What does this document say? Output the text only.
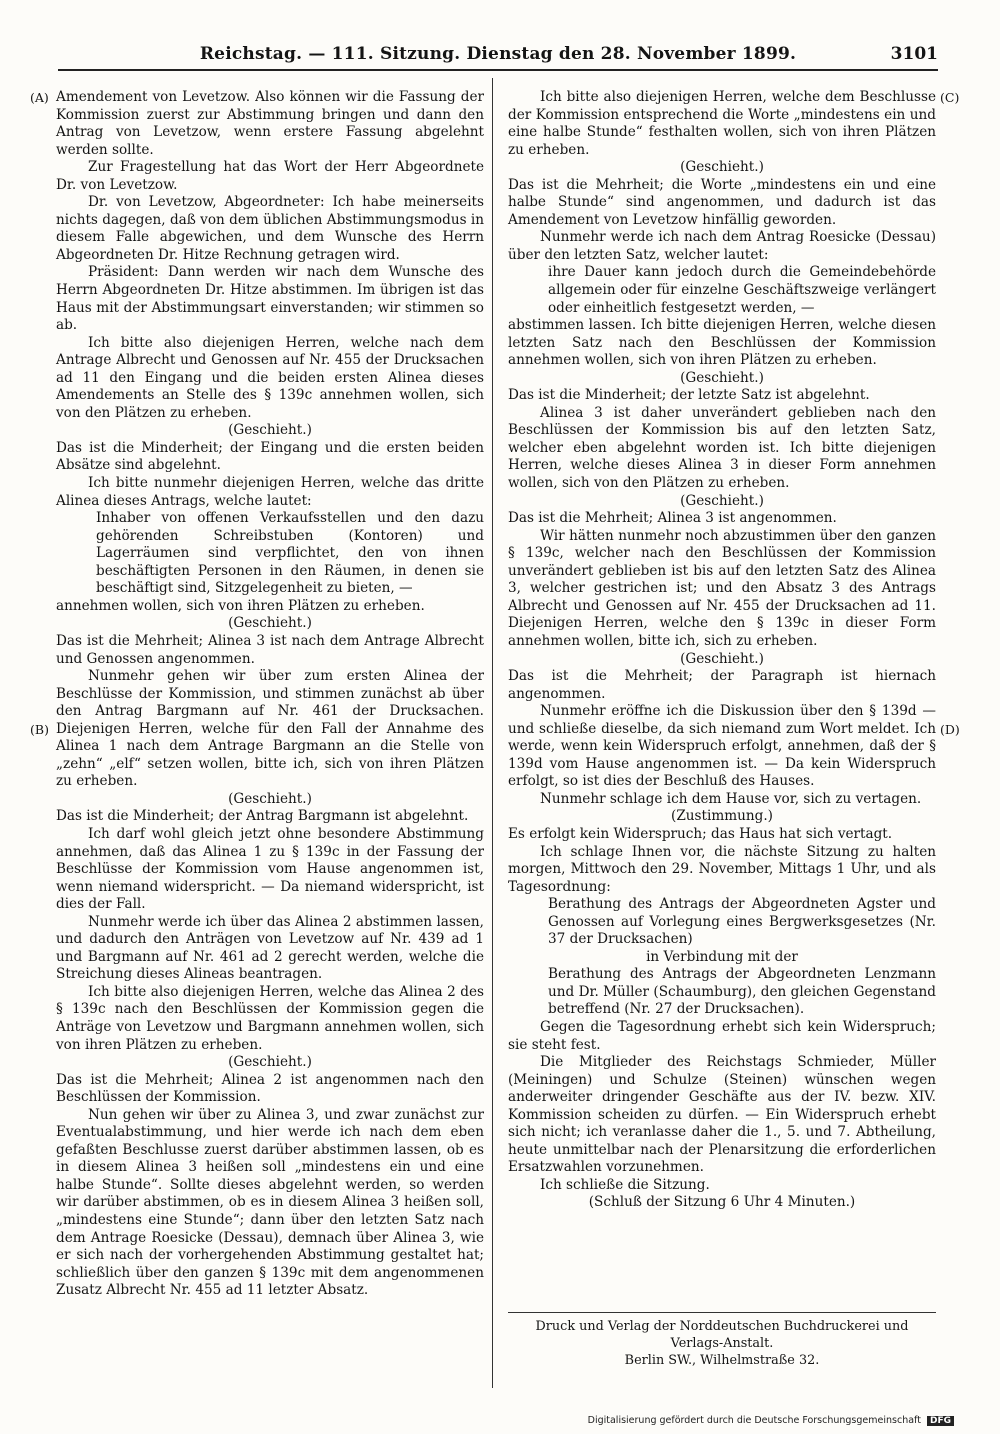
Reichstag. — 111. Sitzung. Dienstag den 28. November 1899.	3101
(A)
(B)
(C)
(D)

Amendement von Levetzow. Also können wir die Fassung der Kommission zuerst zur Abstimmung bringen und dann den Antrag von Levetzow, wenn erstere Fassung abgelehnt werden sollte.

Zur Fragestellung hat das Wort der Herr Abgeordnete Dr. von Levetzow.

Dr. von Levetzow, Abgeordneter: Ich habe meinerseits nichts dagegen, daß von dem üblichen Abstimmungsmodus in diesem Falle abgewichen, und dem Wunsche des Herrn Abgeordneten Dr. Hitze Rechnung getragen wird.

Präsident: Dann werden wir nach dem Wunsche des Herrn Abgeordneten Dr. Hitze abstimmen. Im übrigen ist das Haus mit der Abstimmungsart einverstanden; wir stimmen so ab.

Ich bitte also diejenigen Herren, welche nach dem Antrage Albrecht und Genossen auf Nr. 455 der Drucksachen ad 11 den Eingang und die beiden ersten Alinea dieses Amendements an Stelle des § 139c annehmen wollen, sich von den Plätzen zu erheben.

(Geschieht.)

Das ist die Minderheit; der Eingang und die ersten beiden Absätze sind abgelehnt.

Ich bitte nunmehr diejenigen Herren, welche das dritte Alinea dieses Antrags, welche lautet:

Inhaber von offenen Verkaufsstellen und den dazu gehörenden Schreibstuben (Kontoren) und Lagerräumen sind verpflichtet, den von ihnen beschäftigten Personen in den Räumen, in denen sie beschäftigt sind, Sitzgelegenheit zu bieten, —

annehmen wollen, sich von ihren Plätzen zu erheben.

(Geschieht.)

Das ist die Mehrheit; Alinea 3 ist nach dem Antrage Albrecht und Genossen angenommen.

Nunmehr gehen wir über zum ersten Alinea der Beschlüsse der Kommission, und stimmen zunächst ab über den Antrag Bargmann auf Nr. 461 der Drucksachen. Diejenigen Herren, welche für den Fall der Annahme des Alinea 1 nach dem Antrage Bargmann an die Stelle von „zehn“ „elf“ setzen wollen, bitte ich, sich von ihren Plätzen zu erheben.

(Geschieht.)

Das ist die Minderheit; der Antrag Bargmann ist abgelehnt.

Ich darf wohl gleich jetzt ohne besondere Abstimmung annehmen, daß das Alinea 1 zu § 139c in der Fassung der Beschlüsse der Kommission vom Hause angenommen ist, wenn niemand widerspricht. — Da niemand widerspricht, ist dies der Fall.

Nunmehr werde ich über das Alinea 2 abstimmen lassen, und dadurch den Anträgen von Levetzow auf Nr. 439 ad 1 und Bargmann auf Nr. 461 ad 2 gerecht werden, welche die Streichung dieses Alineas beantragen.

Ich bitte also diejenigen Herren, welche das Alinea 2 des § 139c nach den Beschlüssen der Kommission gegen die Anträge von Levetzow und Bargmann annehmen wollen, sich von ihren Plätzen zu erheben.

(Geschieht.)

Das ist die Mehrheit; Alinea 2 ist angenommen nach den Beschlüssen der Kommission.

Nun gehen wir über zu Alinea 3, und zwar zunächst zur Eventualabstimmung, und hier werde ich nach dem eben gefaßten Beschlusse zuerst darüber abstimmen lassen, ob es in diesem Alinea 3 heißen soll „mindestens ein und eine halbe Stunde“. Sollte dieses abgelehnt werden, so werden wir darüber abstimmen, ob es in diesem Alinea 3 heißen soll, „mindestens eine Stunde“; dann über den letzten Satz nach dem Antrage Roesicke (Dessau), demnach über Alinea 3, wie er sich nach der vorhergehenden Abstimmung gestaltet hat; schließlich über den ganzen § 139c mit dem angenommenen Zusatz Albrecht Nr. 455 ad 11 letzter Absatz.

Ich bitte also diejenigen Herren, welche dem Beschlusse der Kommission entsprechend die Worte „mindestens ein und eine halbe Stunde“ festhalten wollen, sich von ihren Plätzen zu erheben.

(Geschieht.)

Das ist die Mehrheit; die Worte „mindestens ein und eine halbe Stunde“ sind angenommen, und dadurch ist das Amendement von Levetzow hinfällig geworden.

Nunmehr werde ich nach dem Antrag Roesicke (Dessau) über den letzten Satz, welcher lautet:

ihre Dauer kann jedoch durch die Gemeindebehörde allgemein oder für einzelne Geschäftszweige verlängert oder einheitlich festgesetzt werden, —

abstimmen lassen. Ich bitte diejenigen Herren, welche diesen letzten Satz nach den Beschlüssen der Kommission annehmen wollen, sich von ihren Plätzen zu erheben.

(Geschieht.)

Das ist die Minderheit; der letzte Satz ist abgelehnt.

Alinea 3 ist daher unverändert geblieben nach den Beschlüssen der Kommission bis auf den letzten Satz, welcher eben abgelehnt worden ist. Ich bitte diejenigen Herren, welche dieses Alinea 3 in dieser Form annehmen wollen, sich von den Plätzen zu erheben.

(Geschieht.)

Das ist die Mehrheit; Alinea 3 ist angenommen.

Wir hätten nunmehr noch abzustimmen über den ganzen § 139c, welcher nach den Beschlüssen der Kommission unverändert geblieben ist bis auf den letzten Satz des Alinea 3, welcher gestrichen ist; und den Absatz 3 des Antrags Albrecht und Genossen auf Nr. 455 der Drucksachen ad 11. Diejenigen Herren, welche den § 139c in dieser Form annehmen wollen, bitte ich, sich zu erheben.

(Geschieht.)

Das ist die Mehrheit; der Paragraph ist hiernach angenommen.

Nunmehr eröffne ich die Diskussion über den § 139d — und schließe dieselbe, da sich niemand zum Wort meldet. Ich werde, wenn kein Widerspruch erfolgt, annehmen, daß der § 139d vom Hause angenommen ist. — Da kein Widerspruch erfolgt, so ist dies der Beschluß des Hauses.

Nunmehr schlage ich dem Hause vor, sich zu vertagen.

(Zustimmung.)

Es erfolgt kein Widerspruch; das Haus hat sich vertagt.

Ich schlage Ihnen vor, die nächste Sitzung zu halten morgen, Mittwoch den 29. November, Mittags 1 Uhr, und als Tagesordnung:

Berathung des Antrags der Abgeordneten Agster und Genossen auf Vorlegung eines Bergwerksgesetzes (Nr. 37 der Drucksachen)

in Verbindung mit der

Berathung des Antrags der Abgeordneten Lenzmann und Dr. Müller (Schaumburg), den gleichen Gegenstand betreffend (Nr. 27 der Drucksachen).

Gegen die Tagesordnung erhebt sich kein Widerspruch; sie steht fest.

Die Mitglieder des Reichstags Schmieder, Müller (Meiningen) und Schulze (Steinen) wünschen wegen anderweiter dringender Geschäfte aus der IV. bezw. XIV. Kommission scheiden zu dürfen. — Ein Widerspruch erhebt sich nicht; ich veranlasse daher die 1., 5. und 7. Abtheilung, heute unmittelbar nach der Plenarsitzung die erforderlichen Ersatzwahlen vorzunehmen.

Ich schließe die Sitzung.

(Schluß der Sitzung 6 Uhr 4 Minuten.)

Druck und Verlag der Norddeutschen Buchdruckerei und Verlags-Anstalt.
Berlin SW., Wilhelmstraße 32.
Digitalisierung gefördert durch die Deutsche Forschungsgemeinschaft DFG
